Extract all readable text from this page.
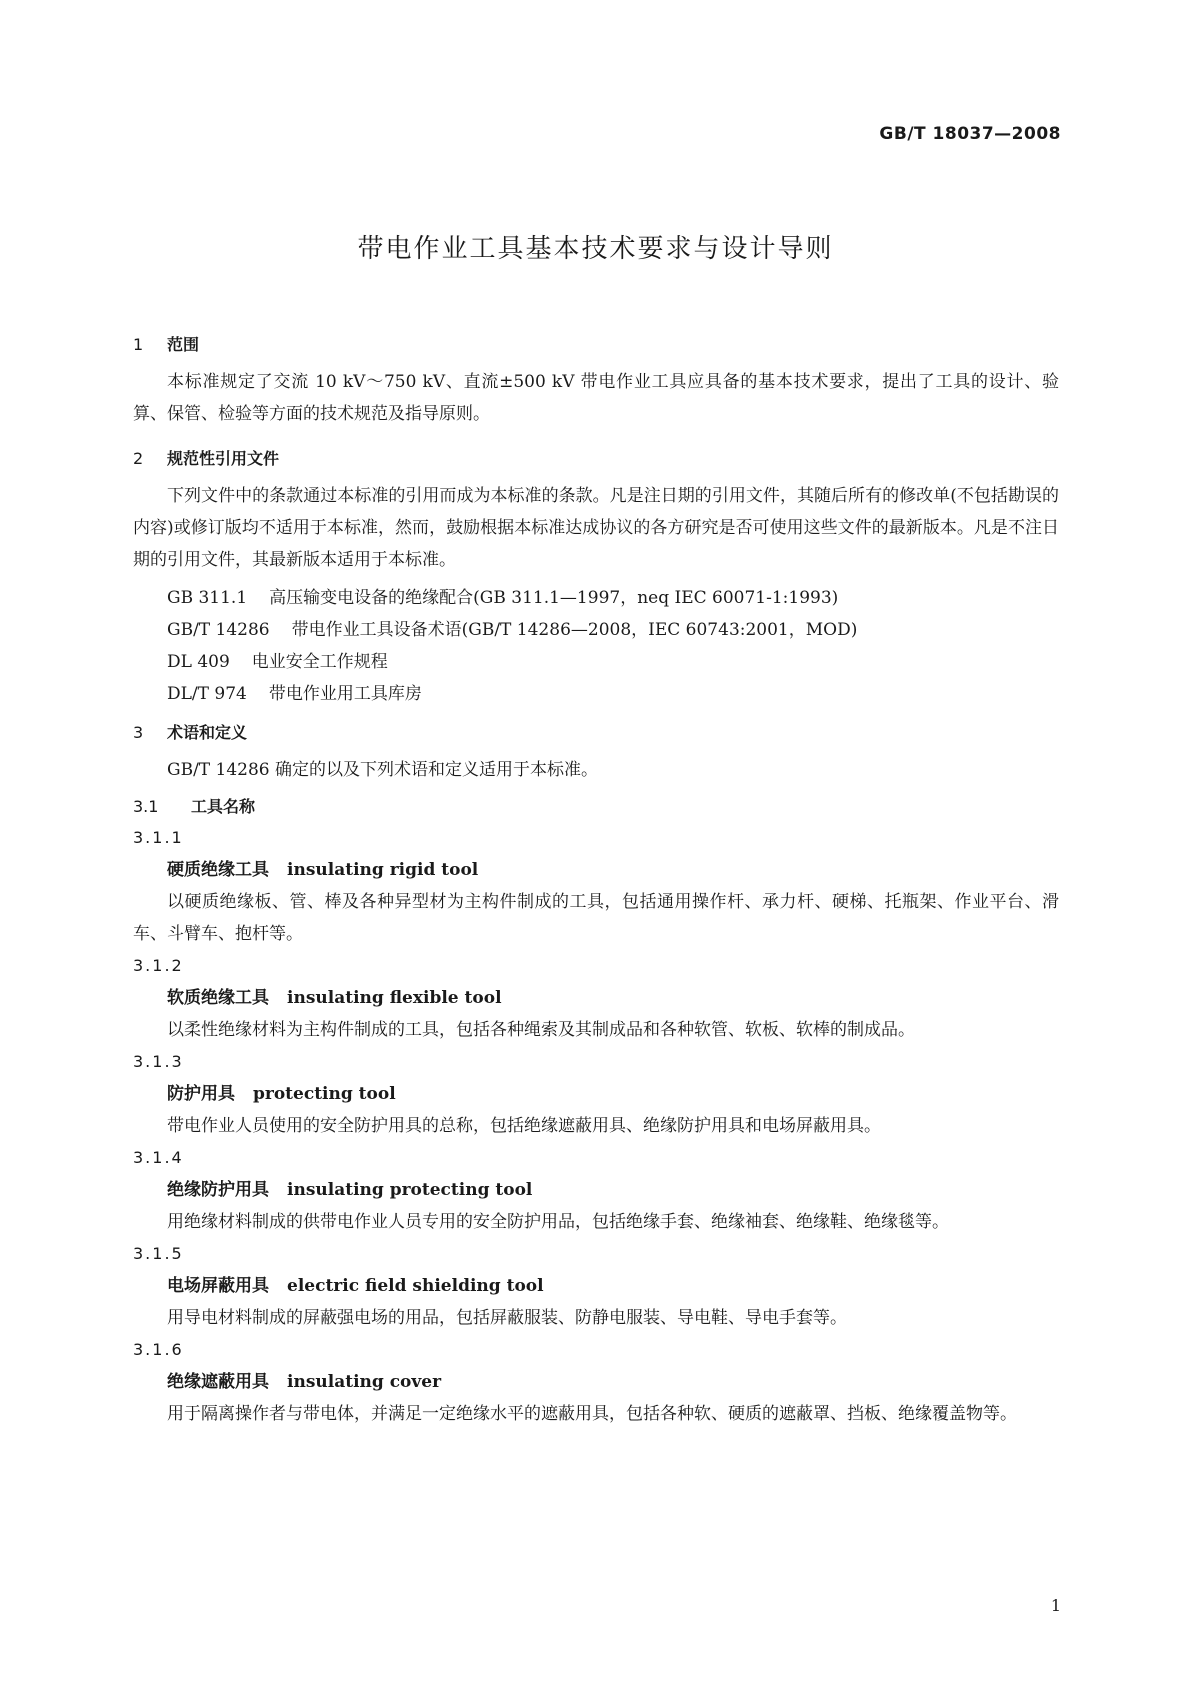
GB/T 18037—2008
带电作业工具基本技术要求与设计导则
1 范围

本标准规定了交流 10 kV～750 kV、直流±500 kV 带电作业工具应具备的基本技术要求，提出了工具的设计、验算、保管、检验等方面的技术规范及指导原则。

2 规范性引用文件

下列文件中的条款通过本标准的引用而成为本标准的条款。凡是注日期的引用文件，其随后所有的修改单(不包括勘误的内容)或修订版均不适用于本标准，然而，鼓励根据本标准达成协议的各方研究是否可使用这些文件的最新版本。凡是不注日期的引用文件，其最新版本适用于本标准。

GB 311.1 高压输变电设备的绝缘配合(GB 311.1—1997，neq IEC 60071-1:1993)
GB/T 14286 带电作业工具设备术语(GB/T 14286—2008，IEC 60743:2001，MOD)
DL 409 电业安全工作规程
DL/T 974 带电作业用工具库房
3 术语和定义

GB/T 14286 确定的以及下列术语和定义适用于本标准。

3.1 工具名称
3.1.1
硬质绝缘工具 insulating rigid tool

以硬质绝缘板、管、棒及各种异型材为主构件制成的工具，包括通用操作杆、承力杆、硬梯、托瓶架、作业平台、滑车、斗臂车、抱杆等。

3.1.2
软质绝缘工具 insulating flexible tool

以柔性绝缘材料为主构件制成的工具，包括各种绳索及其制成品和各种软管、软板、软棒的制成品。

3.1.3
防护用具 protecting tool

带电作业人员使用的安全防护用具的总称，包括绝缘遮蔽用具、绝缘防护用具和电场屏蔽用具。

3.1.4
绝缘防护用具 insulating protecting tool

用绝缘材料制成的供带电作业人员专用的安全防护用品，包括绝缘手套、绝缘袖套、绝缘鞋、绝缘毯等。

3.1.5
电场屏蔽用具 electric field shielding tool

用导电材料制成的屏蔽强电场的用品，包括屏蔽服装、防静电服装、导电鞋、导电手套等。

3.1.6
绝缘遮蔽用具 insulating cover

用于隔离操作者与带电体，并满足一定绝缘水平的遮蔽用具，包括各种软、硬质的遮蔽罩、挡板、绝缘覆盖物等。

1
